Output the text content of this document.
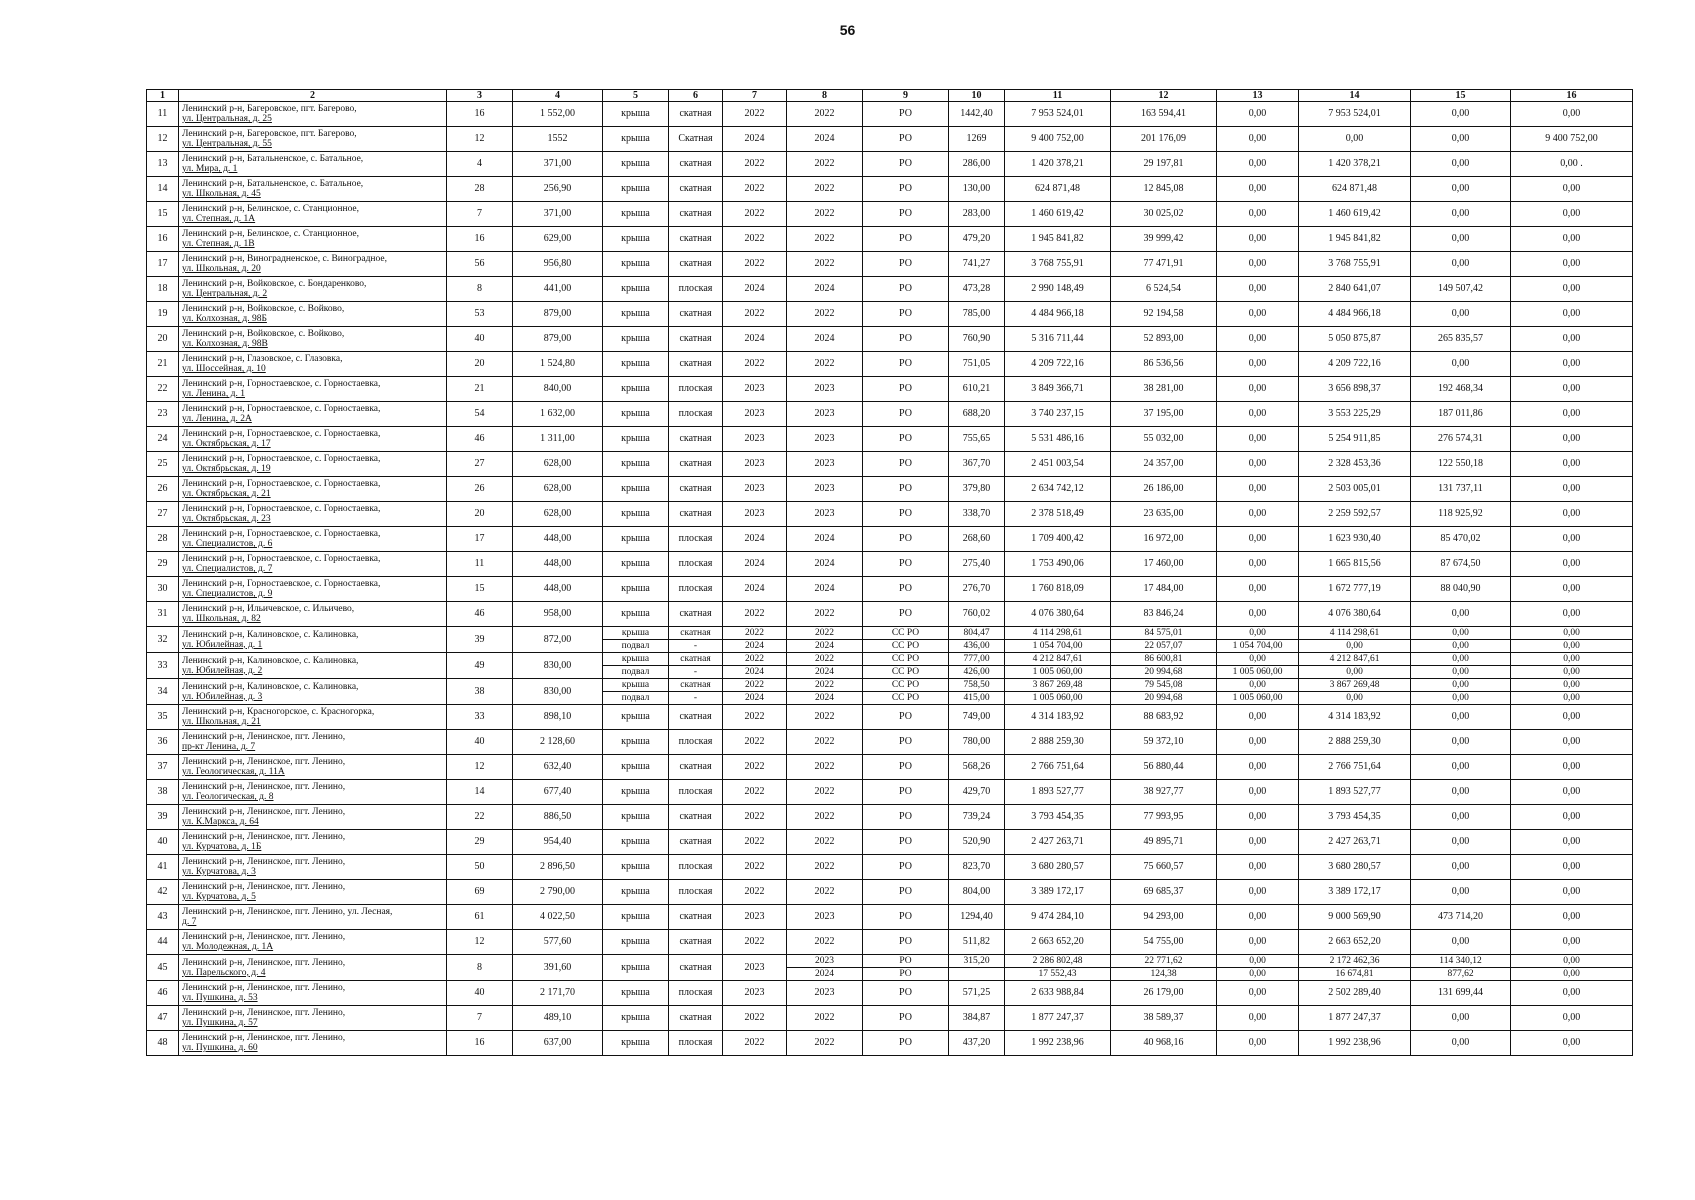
56
1	2	3	4	5	6	7	8	9	10	11	12	13	14	15	16
11	Ленинский р-н, Багеровское, пгт. Багерово,
ул. Центральная, д. 25	16	1 552,00	крыша	скатная	2022	2022	РО	1442,40	7 953 524,01	163 594,41	0,00	7 953 524,01	0,00	0,00
12	Ленинский р-н, Багеровское, пгт. Багерово,
ул. Центральная, д. 55	12	1552	крыша	Скатная	2024	2024	РО	1269	9 400 752,00	201 176,09	0,00	0,00	0,00	9 400 752,00
13	Ленинский р-н, Батальненское, с. Батальное,
ул. Мира, д. 1	4	371,00	крыша	скатная	2022	2022	РО	286,00	1 420 378,21	29 197,81	0,00	1 420 378,21	0,00	0,00 .
14	Ленинский р-н, Батальненское, с. Батальное,
ул. Школьная, д. 45	28	256,90	крыша	скатная	2022	2022	РО	130,00	624 871,48	12 845,08	0,00	624 871,48	0,00	0,00
15	Ленинский р-н, Белинское, с. Станционное,
ул. Степная, д. 1А	7	371,00	крыша	скатная	2022	2022	РО	283,00	1 460 619,42	30 025,02	0,00	1 460 619,42	0,00	0,00
16	Ленинский р-н, Белинское, с. Станционное,
ул. Степная, д. 1В	16	629,00	крыша	скатная	2022	2022	РО	479,20	1 945 841,82	39 999,42	0,00	1 945 841,82	0,00	0,00
17	Ленинский р-н, Виноградненское, с. Виноградное,
ул. Школьная, д. 20	56	956,80	крыша	скатная	2022	2022	РО	741,27	3 768 755,91	77 471,91	0,00	3 768 755,91	0,00	0,00
18	Ленинский р-н, Войковское, с. Бондаренково,
ул. Центральная, д. 2	8	441,00	крыша	плоская	2024	2024	РО	473,28	2 990 148,49	6 524,54	0,00	2 840 641,07	149 507,42	0,00
19	Ленинский р-н, Войковское, с. Войково,
ул. Колхозная, д. 98Б	53	879,00	крыша	скатная	2022	2022	РО	785,00	4 484 966,18	92 194,58	0,00	4 484 966,18	0,00	0,00
20	Ленинский р-н, Войковское, с. Войково,
ул. Колхозная, д. 98В	40	879,00	крыша	скатная	2024	2024	РО	760,90	5 316 711,44	52 893,00	0,00	5 050 875,87	265 835,57	0,00
21	Ленинский р-н, Глазовское, с. Глазовка,
ул. Шоссейная, д. 10	20	1 524,80	крыша	скатная	2022	2022	РО	751,05	4 209 722,16	86 536,56	0,00	4 209 722,16	0,00	0,00
22	Ленинский р-н, Горностаевское, с. Горностаевка,
ул. Ленина, д. 1	21	840,00	крыша	плоская	2023	2023	РО	610,21	3 849 366,71	38 281,00	0,00	3 656 898,37	192 468,34	0,00
23	Ленинский р-н, Горностаевское, с. Горностаевка,
ул. Ленина, д. 2А	54	1 632,00	крыша	плоская	2023	2023	РО	688,20	3 740 237,15	37 195,00	0,00	3 553 225,29	187 011,86	0,00
24	Ленинский р-н, Горностаевское, с. Горностаевка,
ул. Октябрьская, д. 17	46	1 311,00	крыша	скатная	2023	2023	РО	755,65	5 531 486,16	55 032,00	0,00	5 254 911,85	276 574,31	0,00
25	Ленинский р-н, Горностаевское, с. Горностаевка,
ул. Октябрьская, д. 19	27	628,00	крыша	скатная	2023	2023	РО	367,70	2 451 003,54	24 357,00	0,00	2 328 453,36	122 550,18	0,00
26	Ленинский р-н, Горностаевское, с. Горностаевка,
ул. Октябрьская, д. 21	26	628,00	крыша	скатная	2023	2023	РО	379,80	2 634 742,12	26 186,00	0,00	2 503 005,01	131 737,11	0,00
27	Ленинский р-н, Горностаевское, с. Горностаевка,
ул. Октябрьская, д. 23	20	628,00	крыша	скатная	2023	2023	РО	338,70	2 378 518,49	23 635,00	0,00	2 259 592,57	118 925,92	0,00
28	Ленинский р-н, Горностаевское, с. Горностаевка,
ул. Специалистов, д. 6	17	448,00	крыша	плоская	2024	2024	РО	268,60	1 709 400,42	16 972,00	0,00	1 623 930,40	85 470,02	0,00
29	Ленинский р-н, Горностаевское, с. Горностаевка,
ул. Специалистов, д. 7	11	448,00	крыша	плоская	2024	2024	РО	275,40	1 753 490,06	17 460,00	0,00	1 665 815,56	87 674,50	0,00
30	Ленинский р-н, Горностаевское, с. Горностаевка,
ул. Специалистов, д. 9	15	448,00	крыша	плоская	2024	2024	РО	276,70	1 760 818,09	17 484,00	0,00	1 672 777,19	88 040,90	0,00
31	Ленинский р-н, Ильичевское, с. Ильичево,
ул. Школьная, д. 82	46	958,00	крыша	скатная	2022	2022	РО	760,02	4 076 380,64	83 846,24	0,00	4 076 380,64	0,00	0,00
32	Ленинский р-н, Калиновское, с. Калиновка,
ул. Юбилейная, д. 1	39	872,00	крыша	скатная	2022	2022	СС РО	804,47	4 114 298,61	84 575,01	0,00	4 114 298,61	0,00	0,00
				подвал	-	2024	2024	СС РО	436,00	1 054 704,00	22 057,07	1 054 704,00	0,00	0,00	0,00
33	Ленинский р-н, Калиновское, с. Калиновка,
ул. Юбилейная, д. 2	49	830,00	крыша	скатная	2022	2022	СС РО	777,00	4 212 847,61	86 600,81	0,00	4 212 847,61	0,00	0,00
				подвал	-	2024	2024	СС РО	426,00	1 005 060,00	20 994,68	1 005 060,00	0,00	0,00	0,00
34	Ленинский р-н, Калиновское, с. Калиновка,
ул. Юбилейная, д. 3	38	830,00	крыша	скатная	2022	2022	СС РО	758,50	3 867 269,48	79 545,08	0,00	3 867 269,48	0,00	0,00
				подвал	-	2024	2024	СС РО	415,00	1 005 060,00	20 994,68	1 005 060,00	0,00	0,00	0,00
35	Ленинский р-н, Красногорское, с. Красногорка,
ул. Школьная, д. 21	33	898,10	крыша	скатная	2022	2022	РО	749,00	4 314 183,92	88 683,92	0,00	4 314 183,92	0,00	0,00
36	Ленинский р-н, Ленинское, пгт. Ленино,
пр-кт Ленина, д. 7	40	2 128,60	крыша	плоская	2022	2022	РО	780,00	2 888 259,30	59 372,10	0,00	2 888 259,30	0,00	0,00
37	Ленинский р-н, Ленинское, пгт. Ленино,
ул. Геологическая, д. 11А	12	632,40	крыша	скатная	2022	2022	РО	568,26	2 766 751,64	56 880,44	0,00	2 766 751,64	0,00	0,00
38	Ленинский р-н, Ленинское, пгт. Ленино,
ул. Геологическая, д. 8	14	677,40	крыша	плоская	2022	2022	РО	429,70	1 893 527,77	38 927,77	0,00	1 893 527,77	0,00	0,00
39	Ленинский р-н, Ленинское, пгт. Ленино,
ул. К.Маркса, д. 64	22	886,50	крыша	скатная	2022	2022	РО	739,24	3 793 454,35	77 993,95	0,00	3 793 454,35	0,00	0,00
40	Ленинский р-н, Ленинское, пгт. Ленино,
ул. Курчатова, д. 1Б	29	954,40	крыша	скатная	2022	2022	РО	520,90	2 427 263,71	49 895,71	0,00	2 427 263,71	0,00	0,00
41	Ленинский р-н, Ленинское, пгт. Ленино,
ул. Курчатова, д. 3	50	2 896,50	крыша	плоская	2022	2022	РО	823,70	3 680 280,57	75 660,57	0,00	3 680 280,57	0,00	0,00
42	Ленинский р-н, Ленинское, пгт. Ленино,
ул. Курчатова, д. 5	69	2 790,00	крыша	плоская	2022	2022	РО	804,00	3 389 172,17	69 685,37	0,00	3 389 172,17	0,00	0,00
43	Ленинский р-н, Ленинское, пгт. Ленино, ул. Лесная,
д. 7	61	4 022,50	крыша	скатная	2023	2023	РО	1294,40	9 474 284,10	94 293,00	0,00	9 000 569,90	473 714,20	0,00
44	Ленинский р-н, Ленинское, пгт. Ленино,
ул. Молодежная, д. 1А	12	577,60	крыша	скатная	2022	2022	РО	511,82	2 663 652,20	54 755,00	0,00	2 663 652,20	0,00	0,00
45	Ленинский р-н, Ленинское, пгт. Ленино,
ул. Парельского, д. 4	8	391,60	крыша	скатная	2023	2023	РО	315,20	2 286 802,48	22 771,62	0,00	2 172 462,36	114 340,12	0,00
							2024	РО		17 552,43	124,38	0,00	16 674,81	877,62	0,00
46	Ленинский р-н, Ленинское, пгт. Ленино,
ул. Пушкина, д. 53	40	2 171,70	крыша	плоская	2023	2023	РО	571,25	2 633 988,84	26 179,00	0,00	2 502 289,40	131 699,44	0,00
47	Ленинский р-н, Ленинское, пгт. Ленино,
ул. Пушкина, д. 57	7	489,10	крыша	скатная	2022	2022	РО	384,87	1 877 247,37	38 589,37	0,00	1 877 247,37	0,00	0,00
48	Ленинский р-н, Ленинское, пгт. Ленино,
ул. Пушкина, д. 60	16	637,00	крыша	плоская	2022	2022	РО	437,20	1 992 238,96	40 968,16	0,00	1 992 238,96	0,00	0,00
